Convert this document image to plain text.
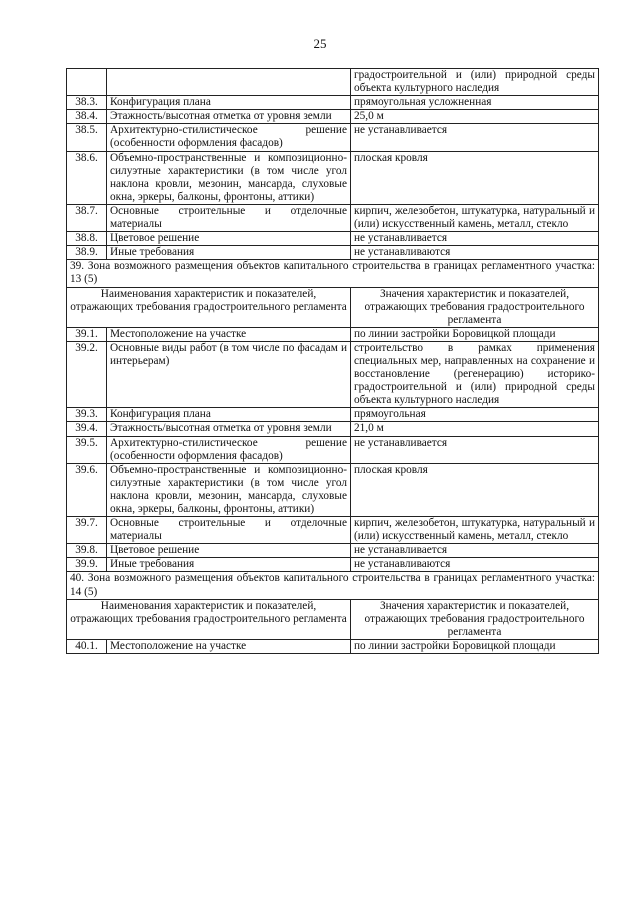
25
		градостроительной и (или) природной среды объекта культурного наследия
38.3.	Конфигурация плана	прямоугольная усложненная
38.4.	Этажность/высотная отметка от уровня земли	25,0 м
38.5.	Архитектурно-стилистическое решение (особенности оформления фасадов)	не устанавливается
38.6.	Объемно-пространственные и композиционно-силуэтные характеристики (в том числе угол наклона кровли, мезонин, мансарда, слуховые окна, эркеры, балконы, фронтоны, аттики)	плоская кровля
38.7.	Основные строительные и отделочные материалы	кирпич, железобетон, штукатурка, натуральный и (или) искусственный камень, металл, стекло
38.8.	Цветовое решение	не устанавливается
38.9.	Иные требования	не устанавливаются
39. Зона возможного размещения объектов капитального строительства в границах регламентного участка: 13 (5)		
Наименования характеристик и показателей, отражающих требования градостроительного регламента		Значения характеристик и показателей, отражающих требования градостроительного регламента
39.1.	Местоположение на участке	по линии застройки Боровицкой площади
39.2.	Основные виды работ (в том числе по фасадам и интерьерам)	строительство в рамках применения специальных мер, направленных на сохранение и восстановление (регенерацию) историко-градостроительной и (или) природной среды объекта культурного наследия
39.3.	Конфигурация плана	прямоугольная
39.4.	Этажность/высотная отметка от уровня земли	21,0 м
39.5.	Архитектурно-стилистическое решение (особенности оформления фасадов)	не устанавливается
39.6.	Объемно-пространственные и композиционно-силуэтные характеристики (в том числе угол наклона кровли, мезонин, мансарда, слуховые окна, эркеры, балконы, фронтоны, аттики)	плоская кровля
39.7.	Основные строительные и отделочные материалы	кирпич, железобетон, штукатурка, натуральный и (или) искусственный камень, металл, стекло
39.8.	Цветовое решение	не устанавливается
39.9.	Иные требования	не устанавливаются
40. Зона возможного размещения объектов капитального строительства в границах регламентного участка: 14 (5)		
Наименования характеристик и показателей, отражающих требования градостроительного регламента		Значения характеристик и показателей, отражающих требования градостроительного регламента
40.1.	Местоположение на участке	по линии застройки Боровицкой площади
